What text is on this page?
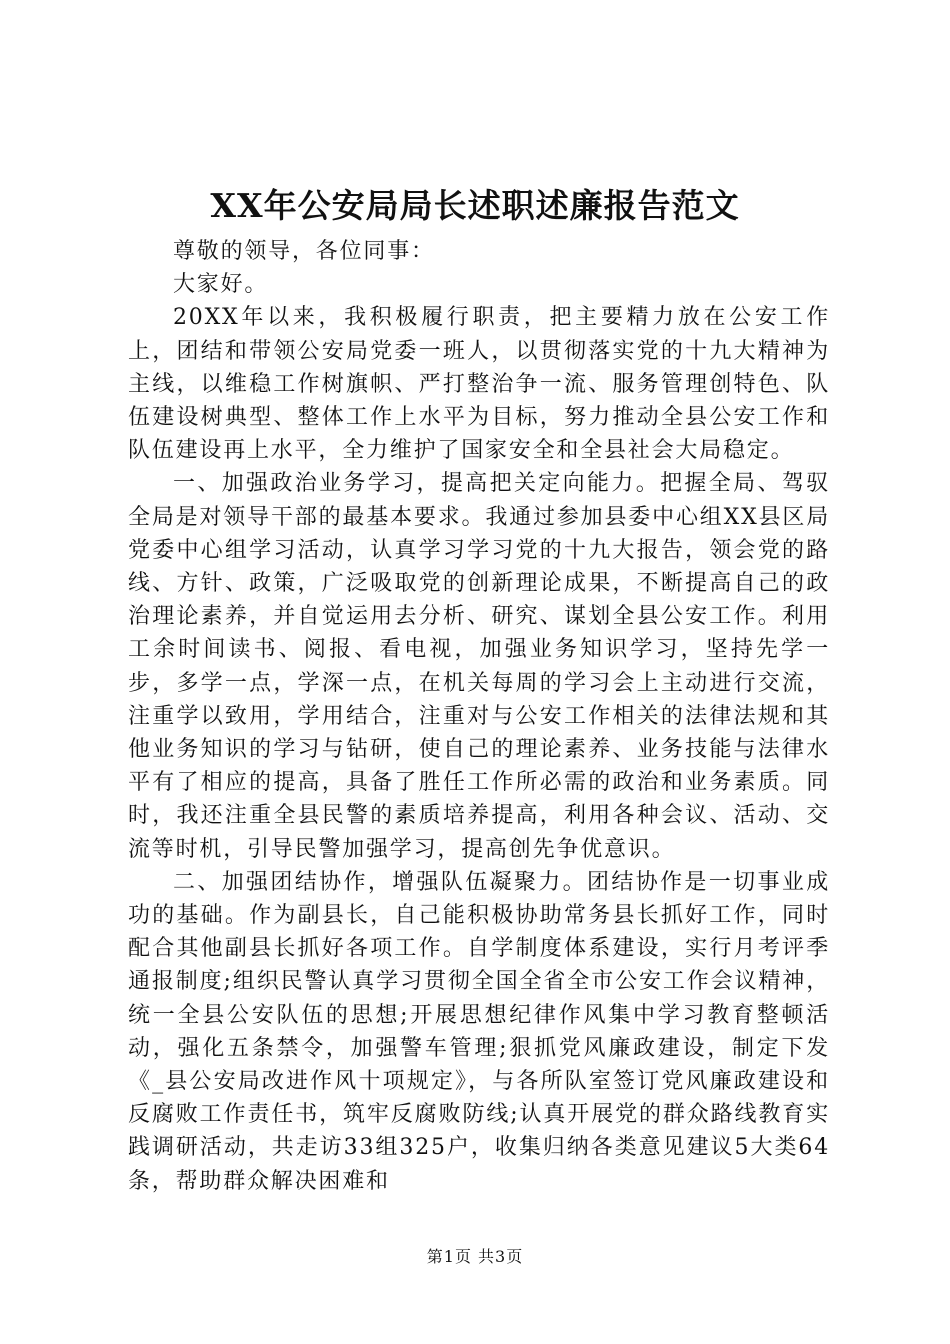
XX年公安局局长述职述廉报告范文

尊敬的领导，各位同事：

大家好。

20XX年以来，我积极履行职责，把主要精力放在公安工作上，团结和带领公安局党委一班人，以贯彻落实党的十九大精神为主线，以维稳工作树旗帜、严打整治争一流、服务管理创特色、队伍建设树典型、整体工作上水平为目标，努力推动全县公安工作和队伍建设再上水平，全力维护了国家安全和全县社会大局稳定。

一、加强政治业务学习，提高把关定向能力。把握全局、驾驭全局是对领导干部的最基本要求。我通过参加县委中心组XX县区局党委中心组学习活动，认真学习学习党的十九大报告，领会党的路线、方针、政策，广泛吸取党的创新理论成果，不断提高自己的政治理论素养，并自觉运用去分析、研究、谋划全县公安工作。利用工余时间读书、阅报、看电视，加强业务知识学习，坚持先学一步，多学一点，学深一点，在机关每周的学习会上主动进行交流，注重学以致用，学用结合，注重对与公安工作相关的法律法规和其他业务知识的学习与钻研，使自己的理论素养、业务技能与法律水平有了相应的提高，具备了胜任工作所必需的政治和业务素质。同时，我还注重全县民警的素质培养提高，利用各种会议、活动、交流等时机，引导民警加强学习，提高创先争优意识。

二、加强团结协作，增强队伍凝聚力。团结协作是一切事业成功的基础。作为副县长，自己能积极协助常务县长抓好工作，同时配合其他副县长抓好各项工作。自学制度体系建设，实行月考评季通报制度;组织民警认真学习贯彻全国全省全市公安工作会议精神，统一全县公安队伍的思想;开展思想纪律作风集中学习教育整顿活动，强化五条禁令，加强警车管理;狠抓党风廉政建设，制定下发《_县公安局改进作风十项规定》，与各所队室签订党风廉政建设和反腐败工作责任书，筑牢反腐败防线;认真开展党的群众路线教育实践调研活动，共走访33组325户，收集归纳各类意见建议5大类64条，帮助群众解决困难和

第1页 共3页
